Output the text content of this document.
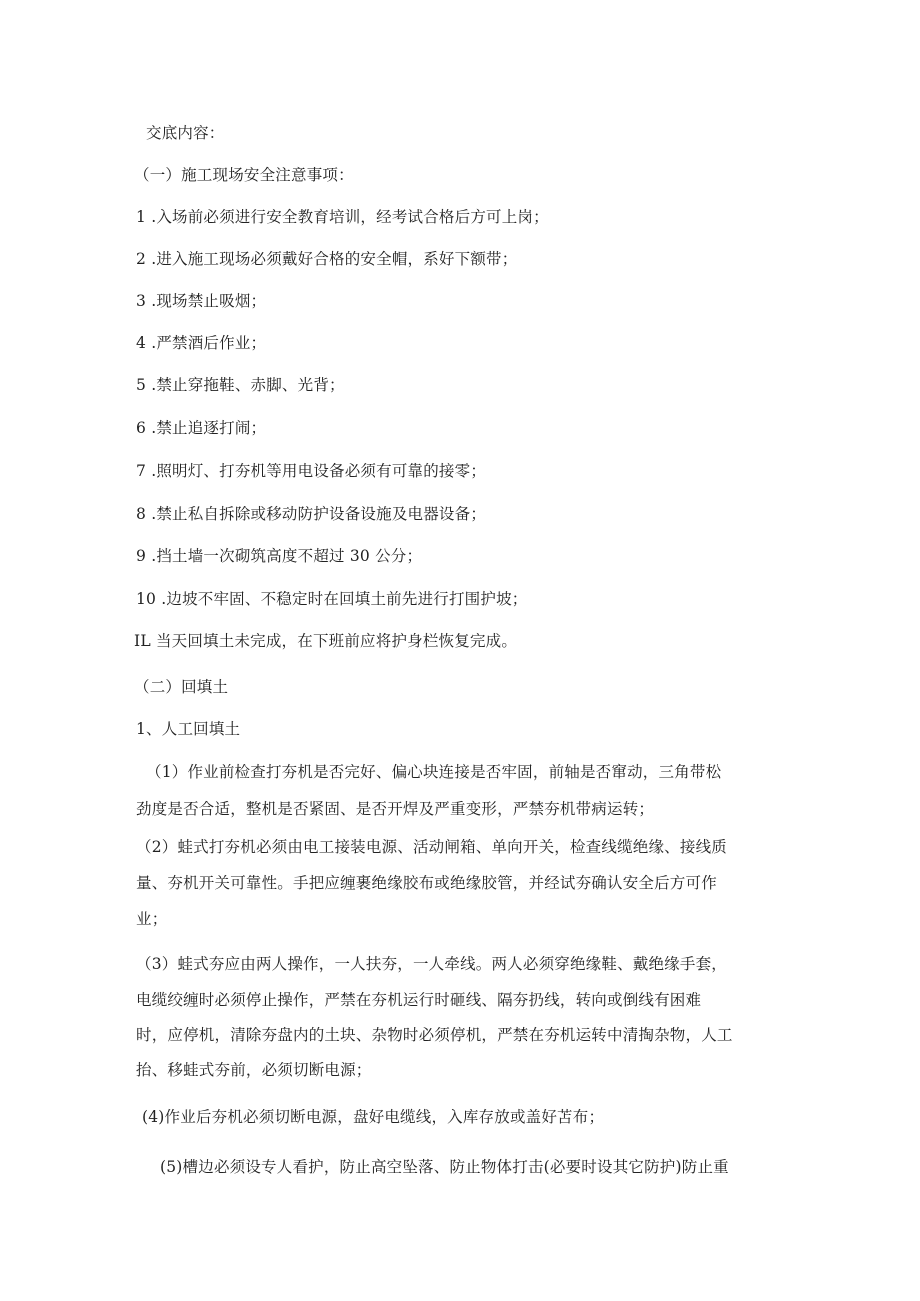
交底内容：
（一）施工现场安全注意事项：
1 .入场前必须进行安全教育培训，经考试合格后方可上岗；
2 .进入施工现场必须戴好合格的安全帽，系好下额带；
3 .现场禁止吸烟；
4 .严禁酒后作业；
5 .禁止穿拖鞋、赤脚、光背；
6 .禁止追逐打闹；
7 .照明灯、打夯机等用电设备必须有可靠的接零；
8 .禁止私自拆除或移动防护设备设施及电器设备；
9 .挡土墙一次砌筑高度不超过 30 公分；
10 .边坡不牢固、不稳定时在回填土前先进行打围护坡；
IL 当天回填土未完成，在下班前应将护身栏恢复完成。
（二）回填土
1、人工回填土
（1）作业前检查打夯机是否完好、偏心块连接是否牢固，前轴是否窜动，三角带松
劲度是否合适，整机是否紧固、是否开焊及严重变形，严禁夯机带病运转；
（2）蛙式打夯机必须由电工接装电源、活动闸箱、单向开关，检查线缆绝缘、接线质
量、夯机开关可靠性。手把应缠裹绝缘胶布或绝缘胶管，并经试夯确认安全后方可作
业；
（3）蛙式夯应由两人操作，一人扶夯，一人牵线。两人必须穿绝缘鞋、戴绝缘手套，
电缆绞缠时必须停止操作，严禁在夯机运行时砸线、隔夯扔线，转向或倒线有困难
时，应停机，清除夯盘内的土块、杂物时必须停机，严禁在夯机运转中清掏杂物，人工
抬、移蛙式夯前，必须切断电源；
(4)作业后夯机必须切断电源，盘好电缆线，入库存放或盖好苫布；
(5)槽边必须设专人看护，防止高空坠落、防止物体打击(必要时设其它防护)防止重
